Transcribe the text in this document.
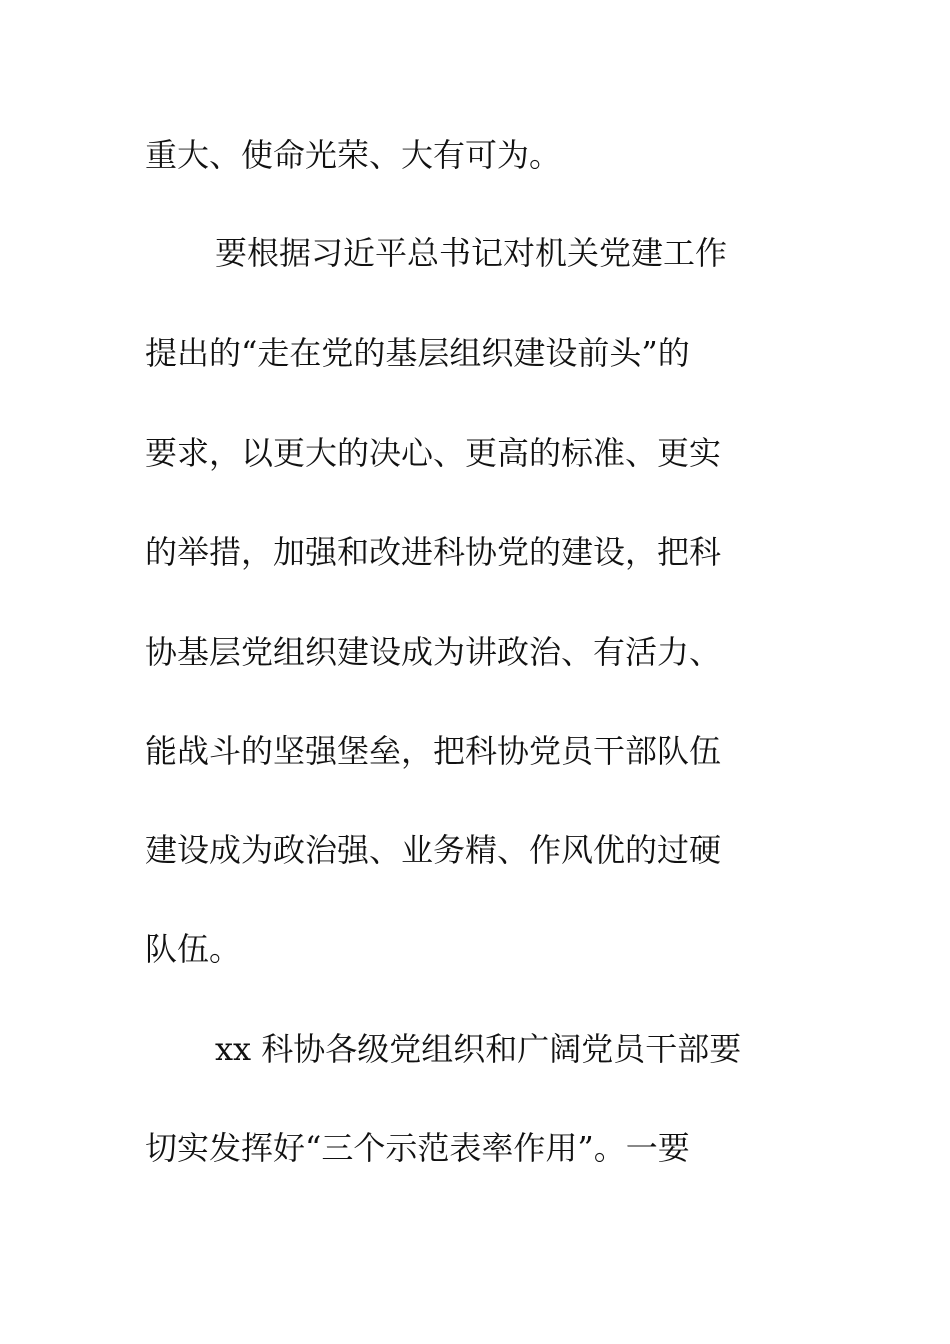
重大、使命光荣、大有可为。
要根据习近平总书记对机关党建工作
提出的“走在党的基层组织建设前头”的
要求，以更大的决心、更高的标准、更实
的举措，加强和改进科协党的建设，把科
协基层党组织建设成为讲政治、有活力、
能战斗的坚强堡垒，把科协党员干部队伍
建设成为政治强、业务精、作风优的过硬
队伍。
xx 科协各级党组织和广阔党员干部要
切实发挥好“三个示范表率作用”。一要
